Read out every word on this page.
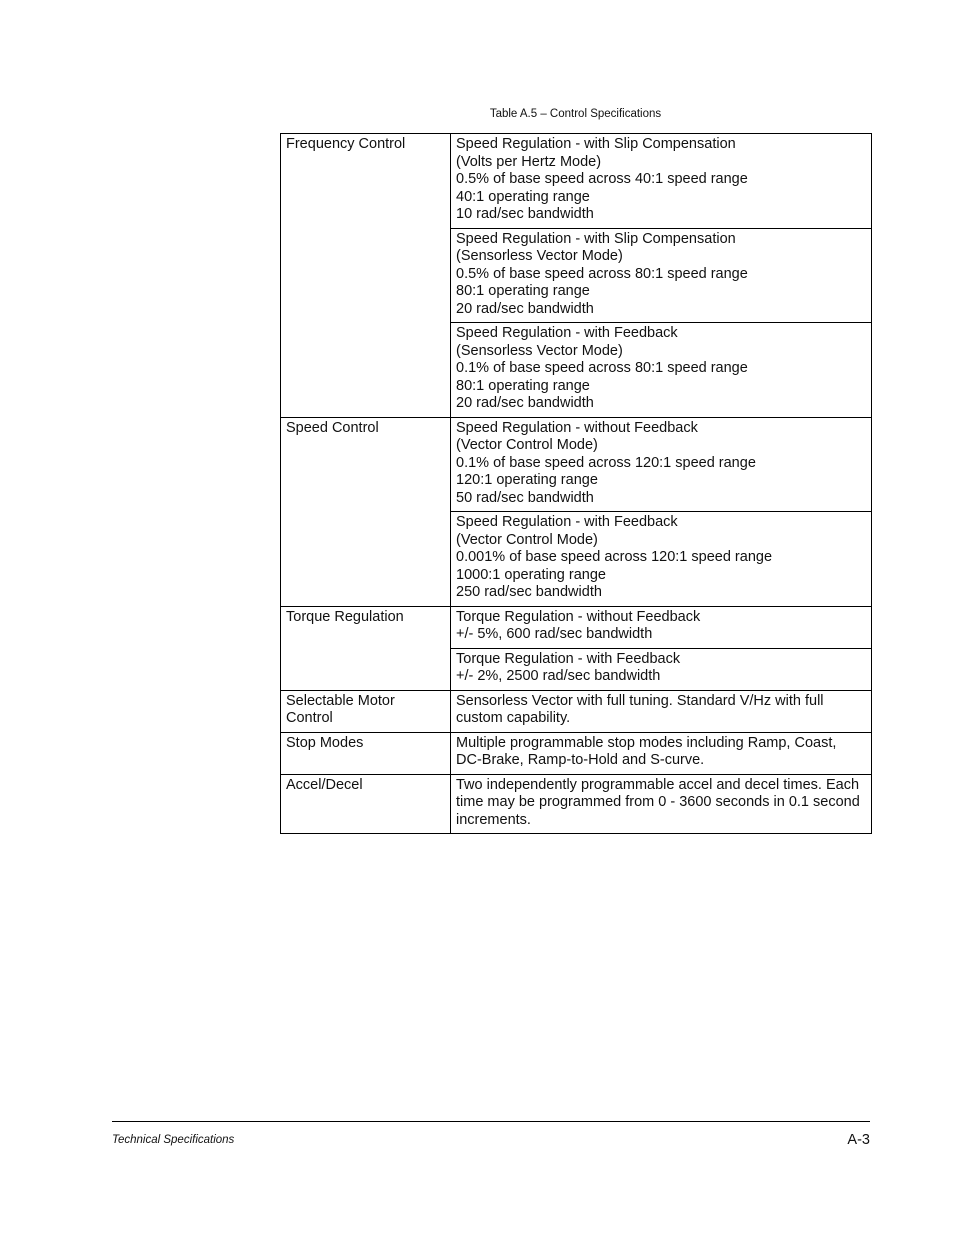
Table A.5 – Control Specifications
Frequency Control	Speed Regulation - with Slip Compensation
(Volts per Hertz Mode)
0.5% of base speed across 40:1 speed range
40:1 operating range
10 rad/sec bandwidth

	Speed Regulation - with Slip Compensation
(Sensorless Vector Mode)
0.5% of base speed across 80:1 speed range
80:1 operating range
20 rad/sec bandwidth

	Speed Regulation - with Feedback
(Sensorless Vector Mode)
0.1% of base speed across 80:1 speed range
80:1 operating range
20 rad/sec bandwidth

Speed Control	Speed Regulation - without Feedback
(Vector Control Mode)
0.1% of base speed across 120:1 speed range
120:1 operating range
50 rad/sec bandwidth

	Speed Regulation - with Feedback
(Vector Control Mode)
0.001% of base speed across 120:1 speed range
1000:1 operating range
250 rad/sec bandwidth

Torque Regulation	Torque Regulation - without Feedback
+/- 5%, 600 rad/sec bandwidth

	Torque Regulation - with Feedback
+/- 2%, 2500 rad/sec bandwidth

Selectable Motor Control	Sensorless Vector with full tuning. Standard V/Hz with full custom capability.

Stop Modes	Multiple programmable stop modes including Ramp, Coast, DC-Brake, Ramp-to-Hold and S-curve.

Accel/Decel	Two independently programmable accel and decel times. Each time may be programmed from 0 - 3600 seconds in 0.1 second increments.
Technical Specifications	A-3
